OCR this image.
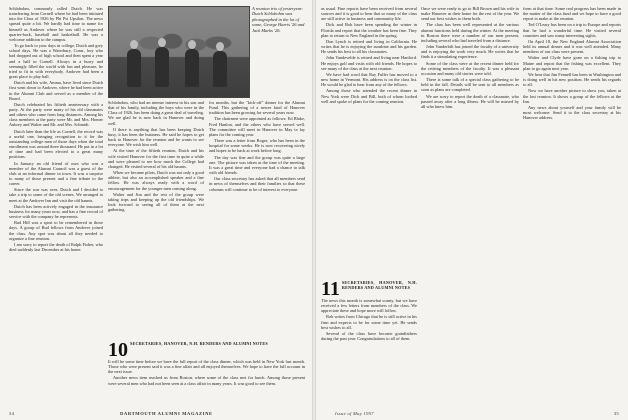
Schlobohm, commonly called Dutch. He was transferring from Cornell where he had been initiated into the Class of 1926 by Phi Psi Upsilon. The news spread quite a bit. We hardly had time to name for himself as Andover where he was still a respected quarter-back, baseball and basketball. He was a welcome addition to the campus.

To go back to your days in college, Dutch and grey school days. He was a Waterbury, Conn., boy who had dropped out of high school and then spent a year and a half in Cornell. Always in a hurry and seemingly filled the world with fun and pleasure, he tried to fit in with everybody. Andover had been a great place to play ball.

Dutch and his wife, Amma, have lived since Dutch first went down to Andover, where he had been active in the Alumni Club and served as a member of the Board.

Dutch celebrated his fiftieth anniversary with a party. At the party were many of his old classmates and others who came from long distances. Among his class members at the party were Mr. and Mrs. Homer Aubrey and Walter and Mr. and Mrs. Schmidt.

Dutch later than the life as Cornell, the record was a useful one, bringing recognition to it for the outstanding college men of those days when the total enrollment was around three thousand. He put in a lot of time and had been elected to a great many positions.

In January an old friend of ours who was a member of the Alumni Council was a guest of the club at an informal dinner in town. It was a surprise to many of those present and a fine tribute to the career.

Since the war was over, Dutch and I decided to take a trip to some of the old scenes. We arranged to meet at the Andover Inn and visit the old haunts.

Dutch has been actively engaged in the insurance business for many years now, and has a fine record of service with the company he represents.

Bud Hill was a sport to be remembered in those days. A group of Bud fellows from Andover joined the class. Any spot was about all they needed to organize a fine reunion.

I am sorry to report the death of Ralph Fisher, who died suddenly last December at his home.

A reunion trio of yesteryear: Dutch Schlobohm was photographed in the lot of some, George Harris '26 and Jack Marks '26.

Schlobohm, who had an intense interest in his son and that of his family, including the boys who were in the Class of 1926, has been doing a great deal of traveling. We are glad he is now back in Hanover and doing well.

If there is anything that has been keeping Dutch busy, it has been the business. He said he hopes to get back to Hanover for the reunion and he wants to see everyone. We wish him well.

At the time of the fiftieth reunion, Dutch and his wife visited Hanover for the first time in quite a while and were pleased to see how much the College had changed. He visited several of his old haunts.

When we became pilots, Dutch was not only a good athlete, but also an accomplished speaker and a fine fellow. He was always ready with a word of encouragement for the younger men coming along.

Walter and Jim and the rest of the group were taking trips and keeping up the old friendships. We look forward to seeing all of them at the next gathering.

for months, but the "kick-off" dinner for the Alumni Fund. This gathering of a newer kind of Hanover tradition has been growing for several years now.

The chairmen were appointed as follows: Ed Blake, Fred Hanlon, and the others who have served well. The committee will meet in Hanover in May to lay plans for the coming year.

There was a letter from Roger, who has been in the hospital for some weeks. He is now recovering nicely and hopes to be back at work before long.

The day was fine and the group was quite a large one. The picture was taken at the time of the meeting. It was a great time and everyone had a chance to talk with old friends.

Our class secretary has asked that all members send in news of themselves and their families so that these columns will continue to be of interest to everyone.

10 SECRETARIES, HANOVER, N.H. RENDERS AND ALUMNI NOTES

It will be some time before we have the full report of the class dinner, which was held in New York last month. Those who were present said it was a fine affair and all enjoyed themselves. We hope to have the full account in the next issue.

Another news item reached us from Boston, where some of the class met for lunch. Among those present were several men who had not been seen at a class affair in many years. It was good to see them.

34	DARTMOUTH ALUMNI MAGAZINE

as usual. Fine reports have been received from several sources and it is good to hear that so many of the class are still active in business and community life.

Dick and Bob have been spending the winter in Florida and report that the weather has been fine. They plan to return to New England in the spring.

Don Lynch is retired and living in California. He writes that he is enjoying the sunshine and his garden. He sends his best to all his classmates.

John Vandevelde is retired and living near Hartford. He enjoys golf and visits with old friends. He hopes to see many of the class at the next reunion.

We have had word that Ray Fuller has moved to a new home in Vermont. His address is on the class list. He would be glad to hear from any of the fellows.

Among those who attended the recent dinner in New York were Dick and Bill, both of whom looked well and spoke of plans for the coming reunion.

11 SECRETARIES, HANOVER, N.H. RENDERS AND ALUMNI NOTES

The news this month is somewhat scanty, but we have received a few letters from members of the class. We appreciate these and hope more will follow.

Bob writes from Chicago that he is still active in his firm and expects to be for some time yet. He sends best wishes to all.

Several of the class have become grandfathers during the past year. Congratulations to all of them.

Once we were ready to go to Bill Brown and his wife to make Hanover as their home for the rest of the year. We send our best wishes to them both.

The class has been well represented at the various alumni functions held during the winter. At the meeting in Boston there were a number of our men present, including several who had traveled from a distance.

John Vanderbilt has joined the faculty of a university and is enjoying the work very much. He writes that he finds it a stimulating experience.

Some of the class were at the recent dinner held for the retiring members of the faculty. It was a pleasant occasion and many old stories were told.

There is some talk of a special class gathering to be held in the fall. Details will be sent to all members as soon as plans are completed.

We are sorry to report the death of a classmate, who passed away after a long illness. He will be missed by all who knew him.

from at that time. Some real progress has been made in the matter of the class fund and we hope to have a good report to make at the reunion.

Ted O'Leary has been on a trip to Europe and reports that he had a wonderful time. He visited several countries and saw many interesting sights.

On April 18, the New England Alumni Association held its annual dinner and it was well attended. Many members of our class were present.

Walter and Clyde have gone on a fishing trip to Maine and report that the fishing was excellent. They plan to go again next year.

We hear that Jim Fennell has been in Washington and is doing well in his new position. He sends his regards to all.

Now we have another picture to show you, taken at the last reunion. It shows a group of the fellows at the Inn.

Any news about yourself and your family will be most welcome. Send it to the class secretary at his Hanover address.

Issue of May 1957	35
